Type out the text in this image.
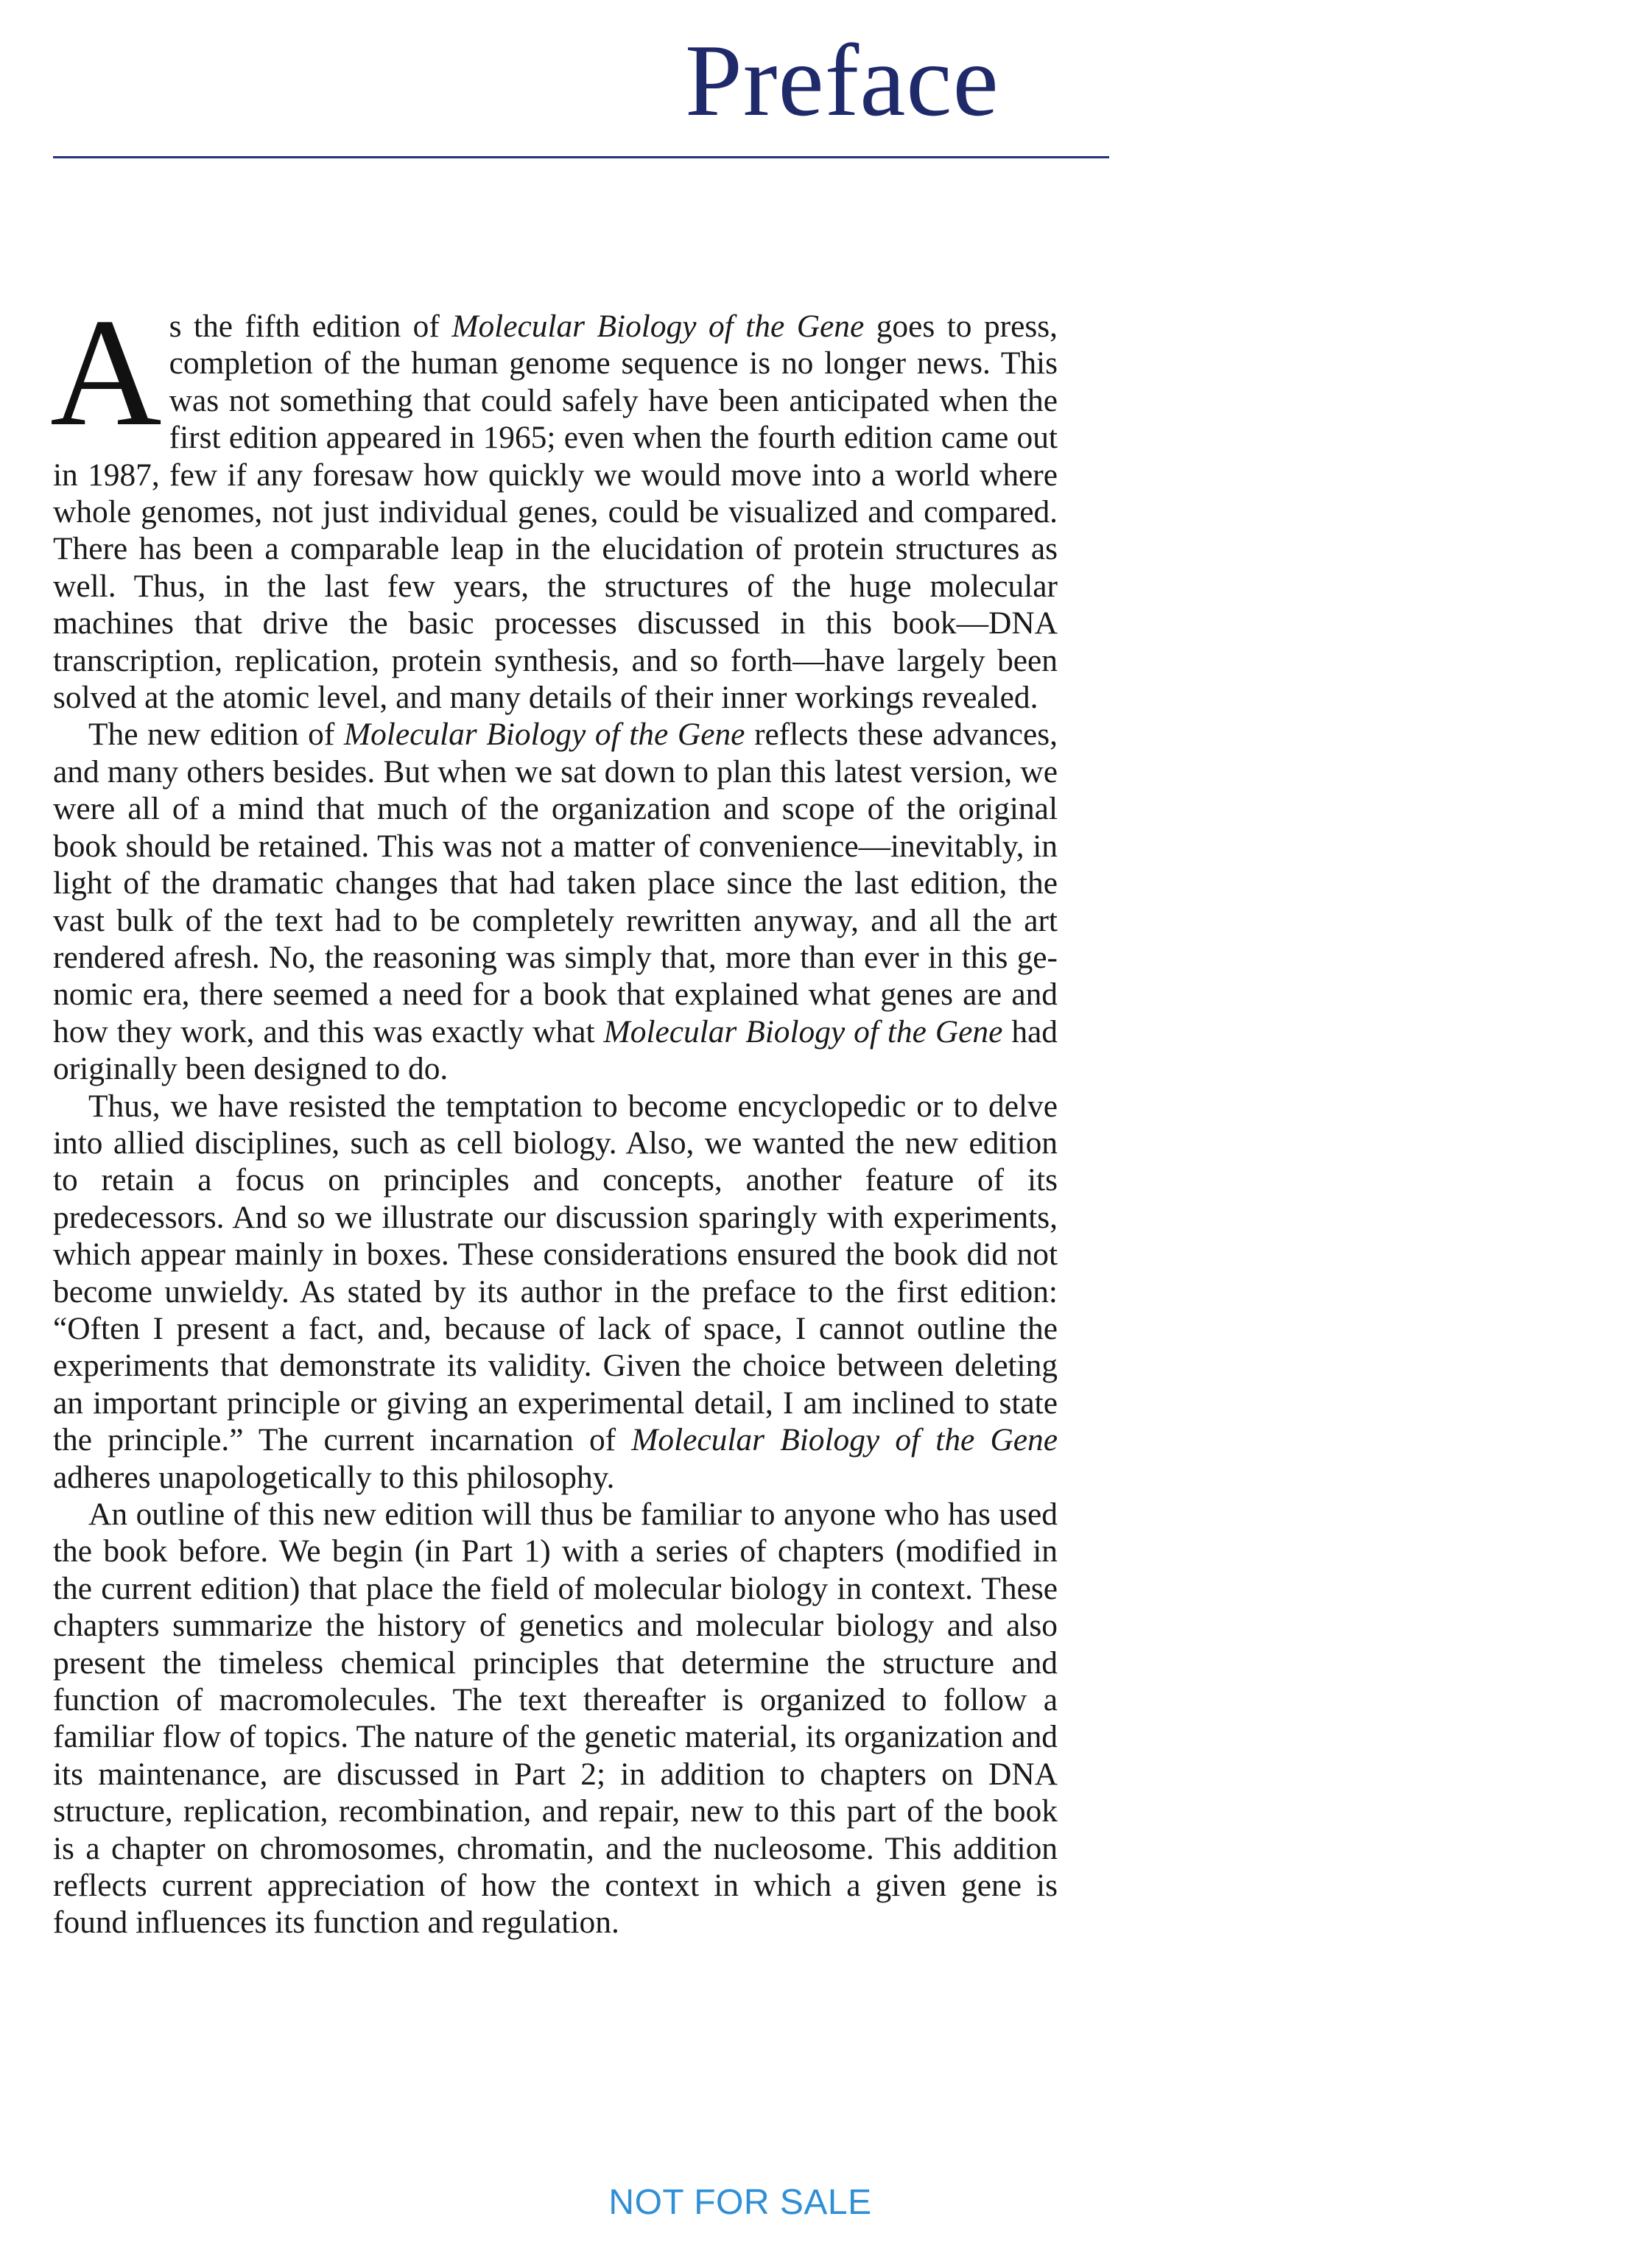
Preface

As the fifth edition of Molecular Biology of the Gene goes to press, completion of the human genome sequence is no longer news. This was not something that could safely have been anticipated when the first edition appeared in 1965; even when the fourth edition came out in 1987, few if any foresaw how quickly we would move into a world where whole genomes, not just individual genes, could be visualized and compared. There has been a comparable leap in the elucidation of protein structures as well. Thus, in the last few years, the structures of the huge molecular machines that drive the basic processes discussed in this book—DNA transcription, replication, protein synthesis, and so forth—have largely been solved at the atomic level, and many details of their inner workings revealed.

The new edition of Molecular Biology of the Gene reflects these advances, and many others besides. But when we sat down to plan this latest version, we were all of a mind that much of the organization and scope of the original book should be retained. This was not a matter of convenience—inevitably, in light of the dramatic changes that had taken place since the last edition, the vast bulk of the text had to be completely rewritten anyway, and all the art rendered afresh. No, the reasoning was simply that, more than ever in this genomic era, there seemed a need for a book that explained what genes are and how they work, and this was exactly what Molecular Biology of the Gene had originally been designed to do.

Thus, we have resisted the temptation to become encyclopedic or to delve into allied disciplines, such as cell biology. Also, we wanted the new edition to retain a focus on principles and concepts, another feature of its predecessors. And so we illustrate our discussion sparingly with experiments, which appear mainly in boxes. These considerations ensured the book did not become unwieldy. As stated by its author in the preface to the first edition: “Often I present a fact, and, because of lack of space, I cannot outline the experiments that demonstrate its validity. Given the choice between deleting an important principle or giving an experimental detail, I am inclined to state the principle.” The current incarnation of Molecular Biology of the Gene adheres unapologetically to this philosophy.

An outline of this new edition will thus be familiar to anyone who has used the book before. We begin (in Part 1) with a series of chapters (modified in the current edition) that place the field of molecular biology in context. These chapters summarize the history of genetics and molecular biology and also present the timeless chemical principles that determine the structure and function of macromolecules. The text thereafter is organized to follow a familiar flow of topics. The nature of the genetic material, its organization and its maintenance, are discussed in Part 2; in addition to chapters on DNA structure, replication, recombination, and repair, new to this part of the book is a chapter on chromosomes, chromatin, and the nucleosome. This addition reflects current appreciation of how the context in which a given gene is found influences its function and regulation.

NOT FOR SALE
